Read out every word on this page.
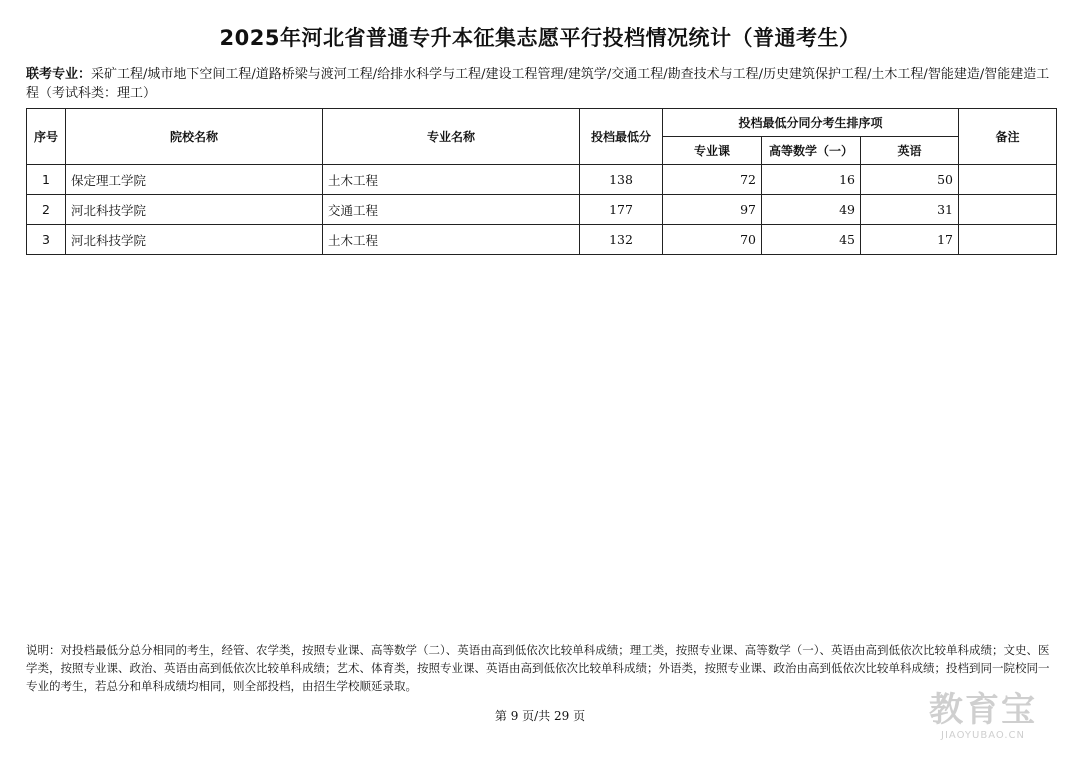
2025年河北省普通专升本征集志愿平行投档情况统计（普通考生）
联考专业：采矿工程/城市地下空间工程/道路桥梁与渡河工程/给排水科学与工程/建设工程管理/建筑学/交通工程/勘查技术与工程/历史建筑保护工程/土木工程/智能建造/智能建造工程（考试科类：理工）
序号	院校名称	专业名称	投档最低分	投档最低分同分考生排序项			备注
				专业课	高等数学（一）	英语	
1	保定理工学院	土木工程	138	72	16	50	
2	河北科技学院	交通工程	177	97	49	31	
3	河北科技学院	土木工程	132	70	45	17	
说明：对投档最低分总分相同的考生，经管、农学类，按照专业课、高等数学（二）、英语由高到低依次比较单科成绩；理工类，按照专业课、高等数学（一）、英语由高到低依次比较单科成绩；文史、医学类，按照专业课、政治、英语由高到低依次比较单科成绩；艺术、体育类，按照专业课、英语由高到低依次比较单科成绩；外语类，按照专业课、政治由高到低依次比较单科成绩；投档到同一院校同一专业的考生，若总分和单科成绩均相同，则全部投档，由招生学校顺延录取。
第 9 页/共 29 页	教育宝
JIAOYUBAO.CN
